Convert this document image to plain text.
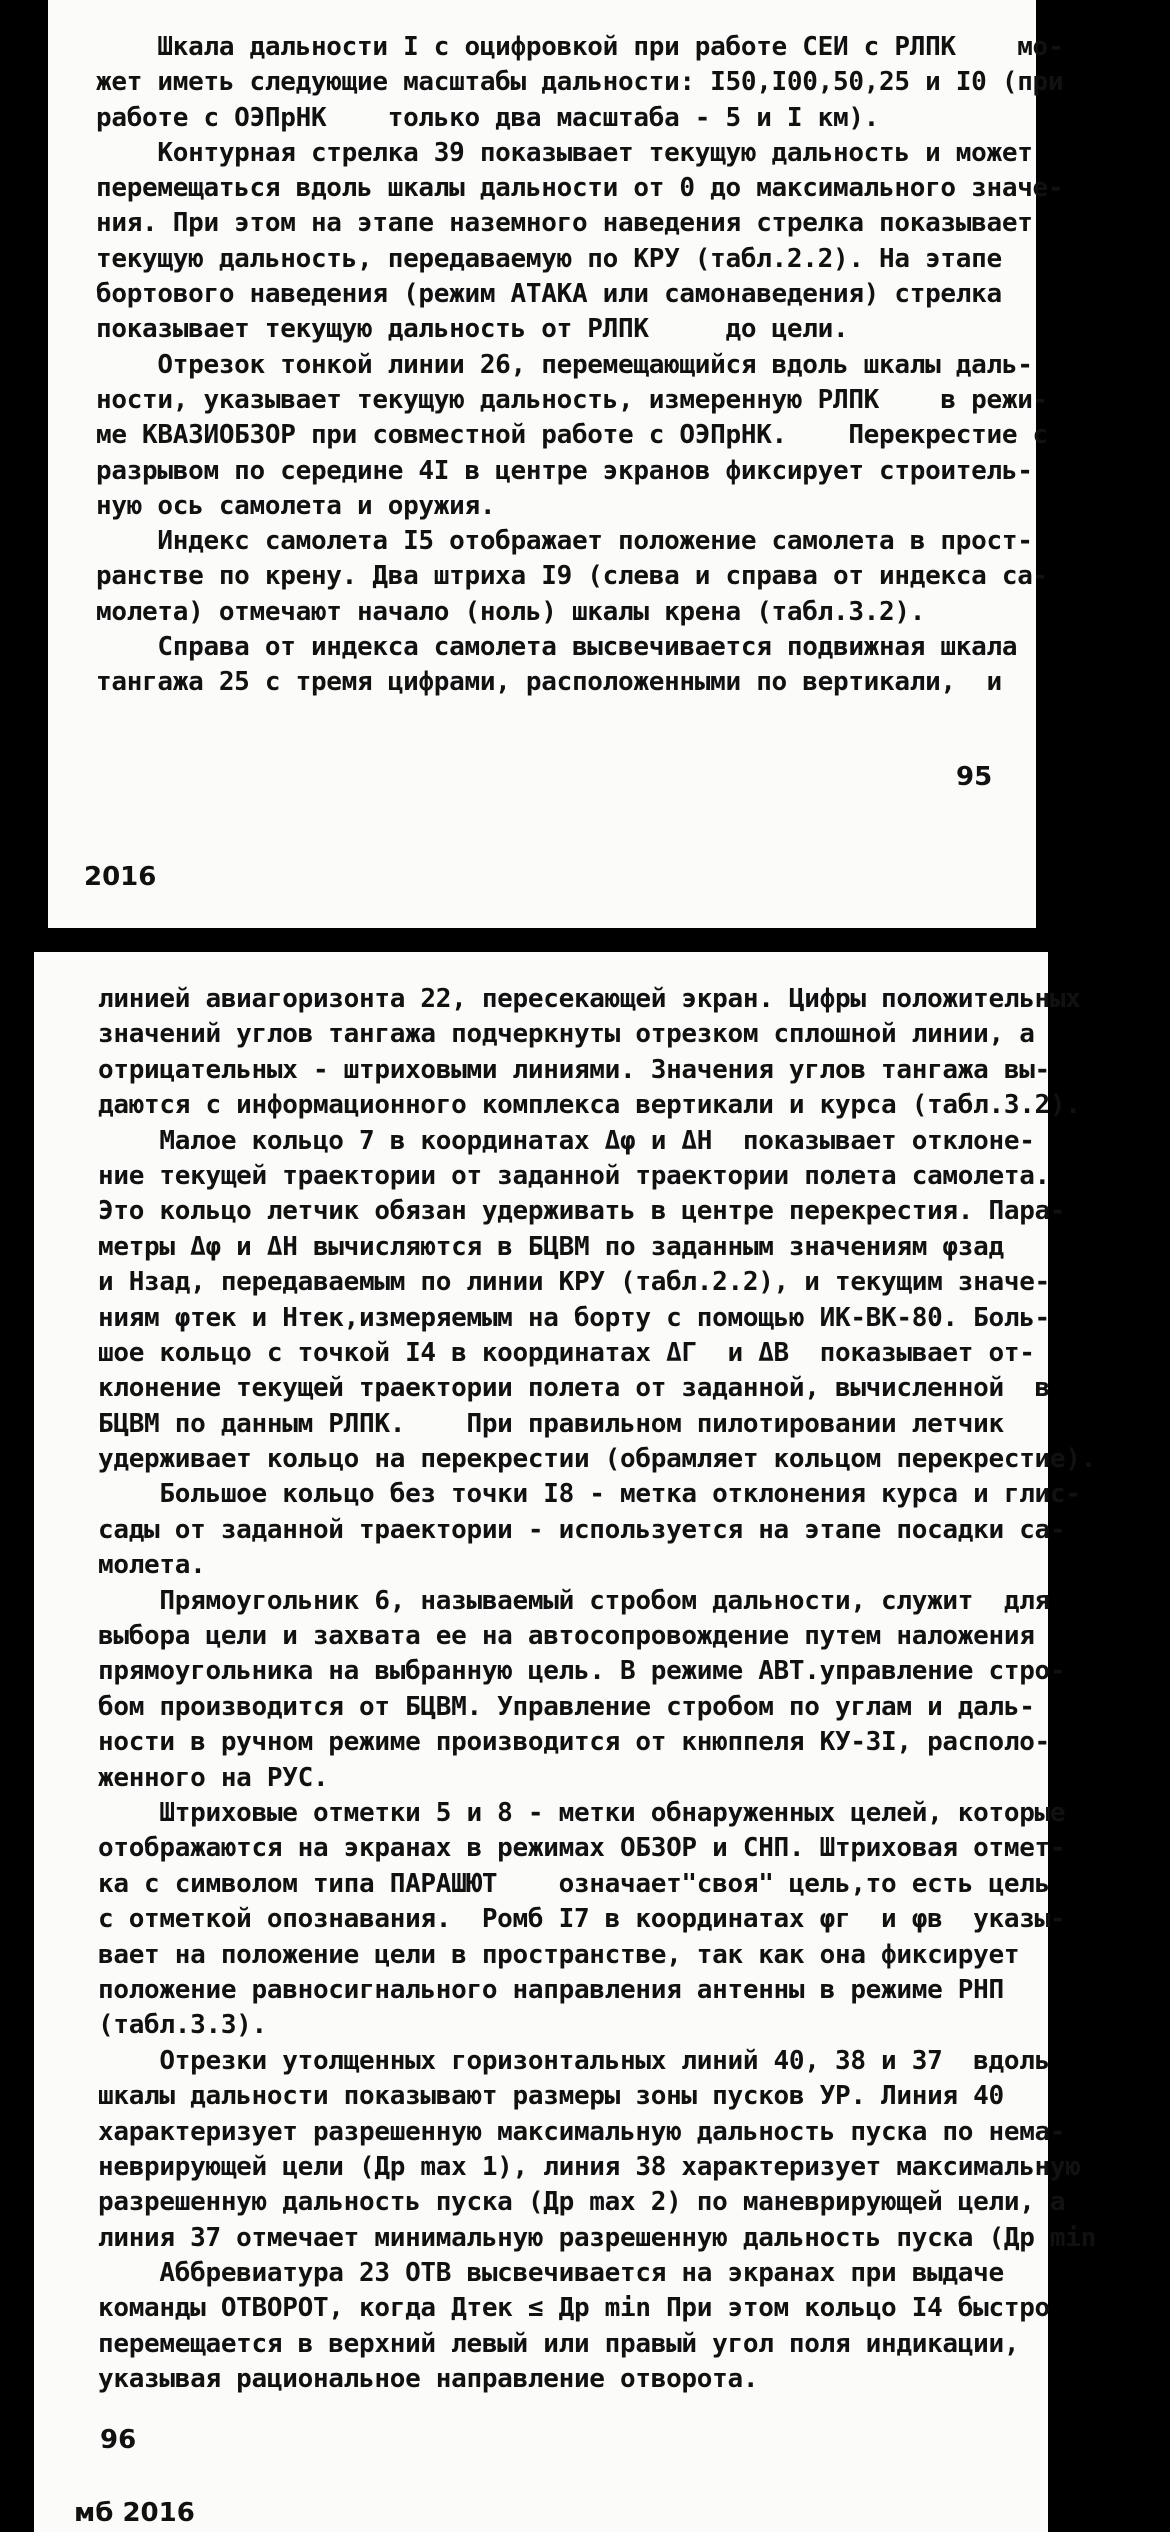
Шкала дальности I с оцифровкой при работе СЕИ с РЛПК    мо-
жет иметь следующие масштабы дальности: I50,I00,50,25 и I0 (при
работе с ОЭПрНК    только два масштаба - 5 и I км).
Контурная стрелка 39 показывает текущую дальность и может
перемещаться вдоль шкалы дальности от 0 до максимального значе-
ния. При этом на этапе наземного наведения стрелка показывает
текущую дальность, передаваемую по КРУ (табл.2.2). На этапе
бортового наведения (режим АТАКА или самонаведения) стрелка
показывает текущую дальность от РЛПК     до цели.
Отрезок тонкой линии 26, перемещающийся вдоль шкалы даль-
ности, указывает текущую дальность, измеренную РЛПК    в режи-
ме КВАЗИОБЗОР при совместной работе с ОЭПрНК.    Перекрестие с
разрывом по середине 4I в центре экранов фиксирует строитель-
ную ось самолета и оружия.
Индекс самолета I5 отображает положение самолета в прост-
ранстве по крену. Два штриха I9 (слева и справа от индекса са-
молета) отмечают начало (ноль) шкалы крена (табл.3.2).
Справа от индекса самолета высвечивается подвижная шкала
тангажа 25 с тремя цифрами, расположенными по вертикали,  и
95
2016
линией авиагоризонта 22, пересекающей экран. Цифры положительных
значений углов тангажа подчеркнуты отрезком сплошной линии, а
отрицательных - штриховыми линиями. Значения углов тангажа вы-
даются с информационного комплекса вертикали и курса (табл.3.2).
Малое кольцо 7 в координатах Δφ и ΔH  показывает отклоне-
ние текущей траектории от заданной траектории полета самолета.
Это кольцо летчик обязан удерживать в центре перекрестия. Пара-
метры Δφ и ΔH вычисляются в БЦВМ по заданным значениям φзад
и Hзад, передаваемым по линии КРУ (табл.2.2), и текущим значе-
ниям φтек и Hтек,измеряемым на борту с помощью ИК-ВК-80. Боль-
шое кольцо с точкой I4 в координатах ΔГ  и ΔВ  показывает от-
клонение текущей траектории полета от заданной, вычисленной  в
БЦВМ по данным РЛПК.    При правильном пилотировании летчик
удерживает кольцо на перекрестии (обрамляет кольцом перекрестие).
Большое кольцо без точки I8 - метка отклонения курса и глис-
сады от заданной траектории - используется на этапе посадки са-
молета.
Прямоугольник 6, называемый стробом дальности, служит  для
выбора цели и захвата ее на автосопровождение путем наложения
прямоугольника на выбранную цель. В режиме АВТ.управление стро-
бом производится от БЦВМ. Управление стробом по углам и даль-
ности в ручном режиме производится от кнюппеля КУ-3I, располо-
женного на РУС.
Штриховые отметки 5 и 8 - метки обнаруженных целей, которые
отображаются на экранах в режимах ОБЗОР и СНП. Штриховая отмет-
ка с символом типа ПАРАШЮТ    означает"своя" цель,то есть цель
с отметкой опознавания.  Ромб I7 в координатах φг  и φв  указы-
вает на положение цели в пространстве, так как она фиксирует
положение равносигнального направления антенны в режиме РНП
(табл.3.3).
Отрезки утолщенных горизонтальных линий 40, 38 и 37  вдоль
шкалы дальности показывают размеры зоны пусков УР. Линия 40
характеризует разрешенную максимальную дальность пуска по нема-
неврирующей цели (Дp max 1), линия 38 характеризует максимальную
разрешенную дальность пуска (Дp max 2) по маневрирующей цели, а
линия 37 отмечает минимальную разрешенную дальность пуска (Дp min
Аббревиатура 23 ОТВ высвечивается на экранах при выдаче
команды ОТВОРОТ, когда Дтек ≤ Дp min При этом кольцо I4 быстро
перемещается в верхний левый или правый угол поля индикации,
указывая рациональное направление отворота.
96
мб 2016
